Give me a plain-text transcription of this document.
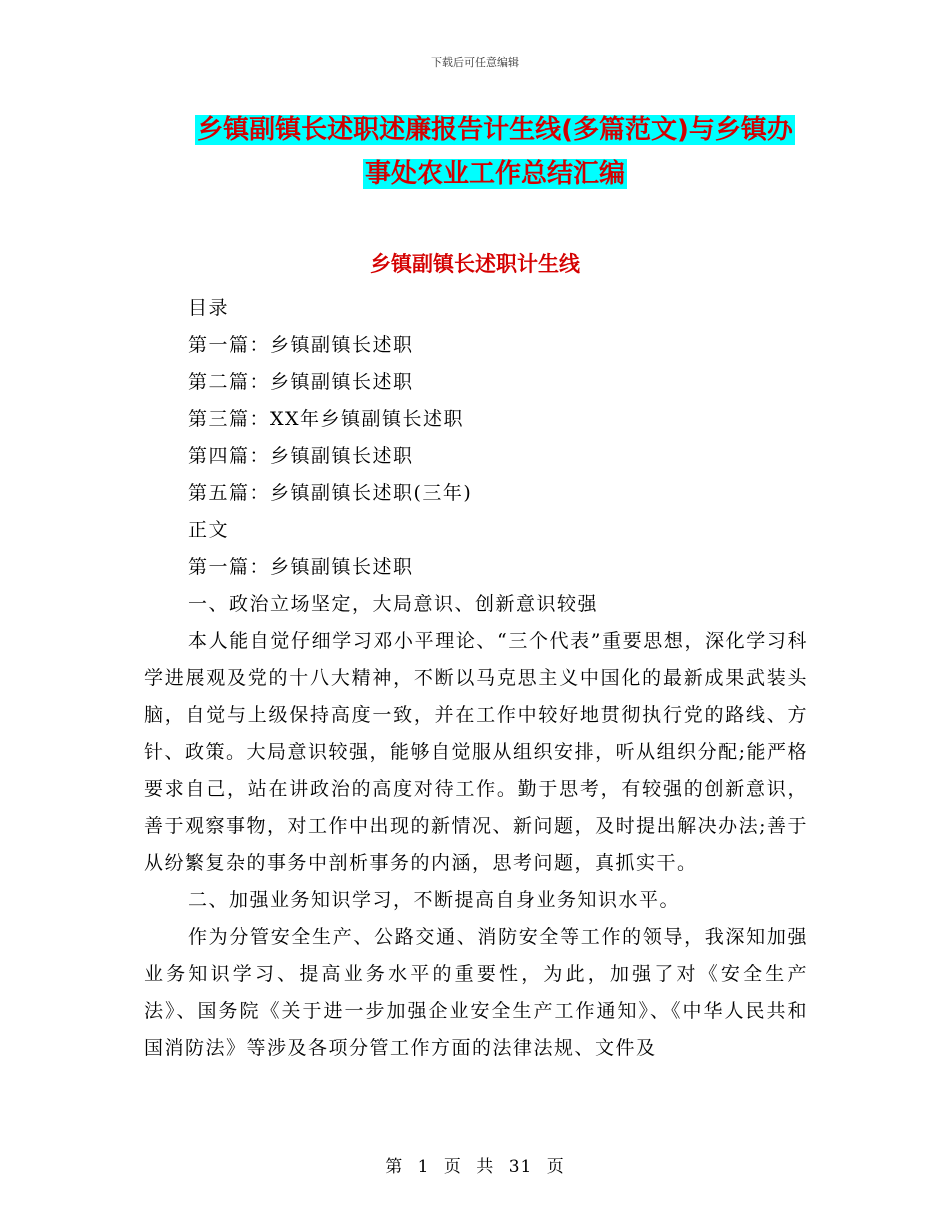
下载后可任意编辑
乡镇副镇长述职述廉报告计生线(多篇范文)与乡镇办
事处农业工作总结汇编
乡镇副镇长述职计生线

目录

第一篇：乡镇副镇长述职

第二篇：乡镇副镇长述职

第三篇：XX年乡镇副镇长述职

第四篇：乡镇副镇长述职

第五篇：乡镇副镇长述职(三年)

正文

第一篇：乡镇副镇长述职

一、政治立场坚定，大局意识、创新意识较强

本人能自觉仔细学习邓小平理论、“三个代表”重要思想，深化学习科学进展观及党的十八大精神，不断以马克思主义中国化的最新成果武装头脑，自觉与上级保持高度一致，并在工作中较好地贯彻执行党的路线、方针、政策。大局意识较强，能够自觉服从组织安排，听从组织分配;能严格要求自己，站在讲政治的高度对待工作。勤于思考，有较强的创新意识，善于观察事物，对工作中出现的新情况、新问题，及时提出解决办法;善于从纷繁复杂的事务中剖析事务的内涵，思考问题，真抓实干。

二、加强业务知识学习，不断提高自身业务知识水平。

作为分管安全生产、公路交通、消防安全等工作的领导，我深知加强业务知识学习、提高业务水平的重要性，为此，加强了对《安全生产法》、国务院《关于进一步加强企业安全生产工作通知》、《中华人民共和国消防法》等涉及各项分管工作方面的法律法规、文件及

第 1 页 共 31 页
